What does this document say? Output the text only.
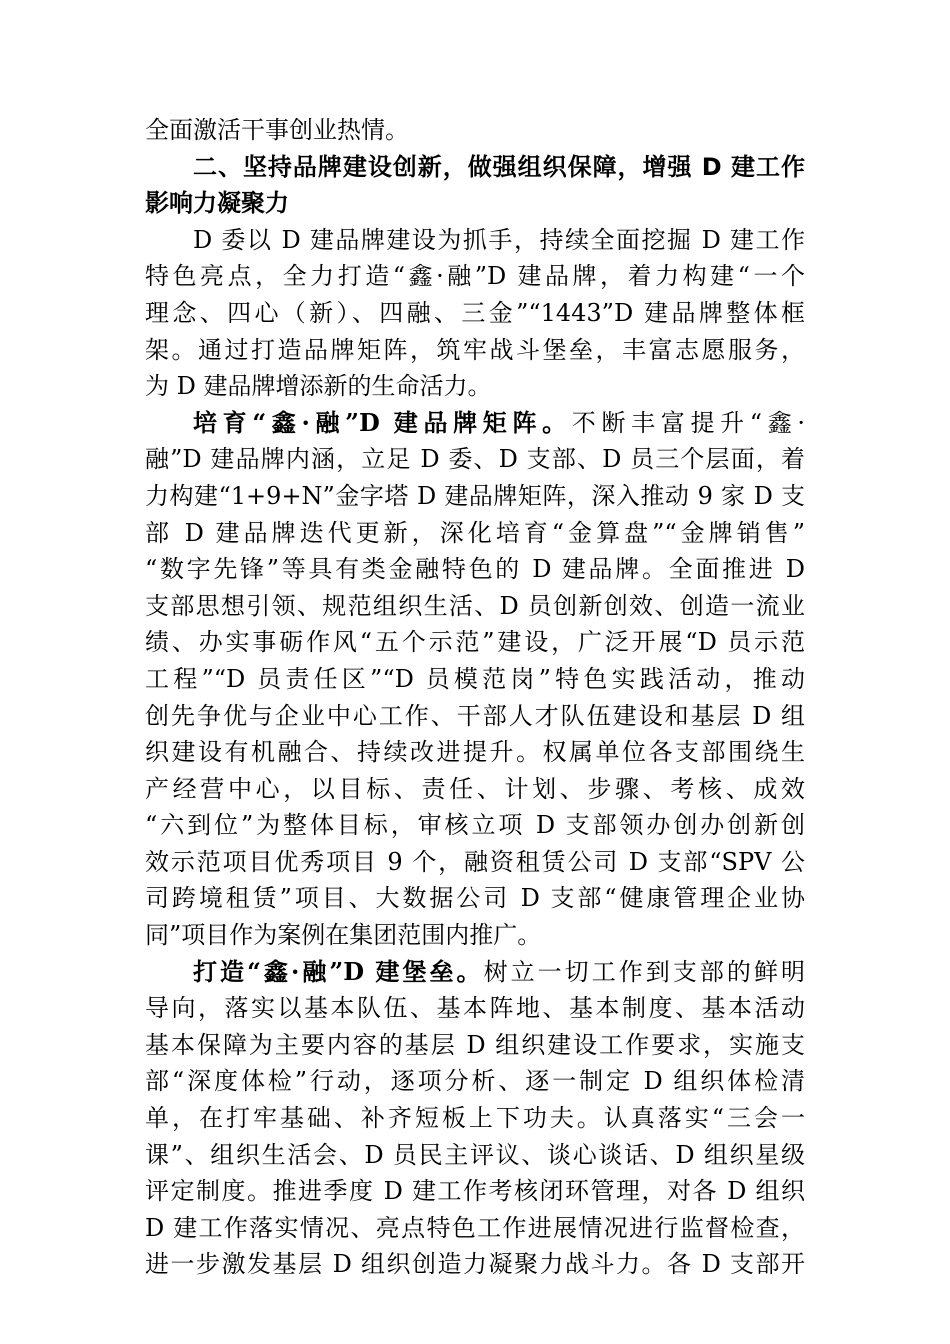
全面激活干事创业热情。
二、坚持品牌建设创新，做强组织保障，增强 D 建工作
影响力凝聚力
D 委以 D 建品牌建设为抓手，持续全面挖掘 D 建工作
特色亮点，全力打造“鑫·融”D 建品牌，着力构建“一个
理念、四心（新）、四融、三金”“1443”D 建品牌整体框
架。通过打造品牌矩阵，筑牢战斗堡垒，丰富志愿服务，
为 D 建品牌增添新的生命活力。
培育“鑫·融”D 建品牌矩阵。不断丰富提升“鑫·
融”D 建品牌内涵，立足 D 委、D 支部、D 员三个层面，着
力构建“1+9+N”金字塔 D 建品牌矩阵，深入推动 9 家 D 支
部 D 建品牌迭代更新，深化培育“金算盘”“金牌销售”
“数字先锋”等具有类金融特色的 D 建品牌。全面推进 D
支部思想引领、规范组织生活、D 员创新创效、创造一流业
绩、办实事砺作风“五个示范”建设，广泛开展“D 员示范
工程”“D 员责任区”“D 员模范岗”特色实践活动，推动
创先争优与企业中心工作、干部人才队伍建设和基层 D 组
织建设有机融合、持续改进提升。权属单位各支部围绕生
产经营中心，以目标、责任、计划、步骤、考核、成效
“六到位”为整体目标，审核立项 D 支部领办创办创新创
效示范项目优秀项目 9 个，融资租赁公司 D 支部“SPV 公
司跨境租赁”项目、大数据公司 D 支部“健康管理企业协
同”项目作为案例在集团范围内推广。
打造“鑫·融”D 建堡垒。树立一切工作到支部的鲜明
导向，落实以基本队伍、基本阵地、基本制度、基本活动
基本保障为主要内容的基层 D 组织建设工作要求，实施支
部“深度体检”行动，逐项分析、逐一制定 D 组织体检清
单，在打牢基础、补齐短板上下功夫。认真落实“三会一
课”、组织生活会、D 员民主评议、谈心谈话、D 组织星级
评定制度。推进季度 D 建工作考核闭环管理，对各 D 组织
D 建工作落实情况、亮点特色工作进展情况进行监督检查，
进一步激发基层 D 组织创造力凝聚力战斗力。各 D 支部开
